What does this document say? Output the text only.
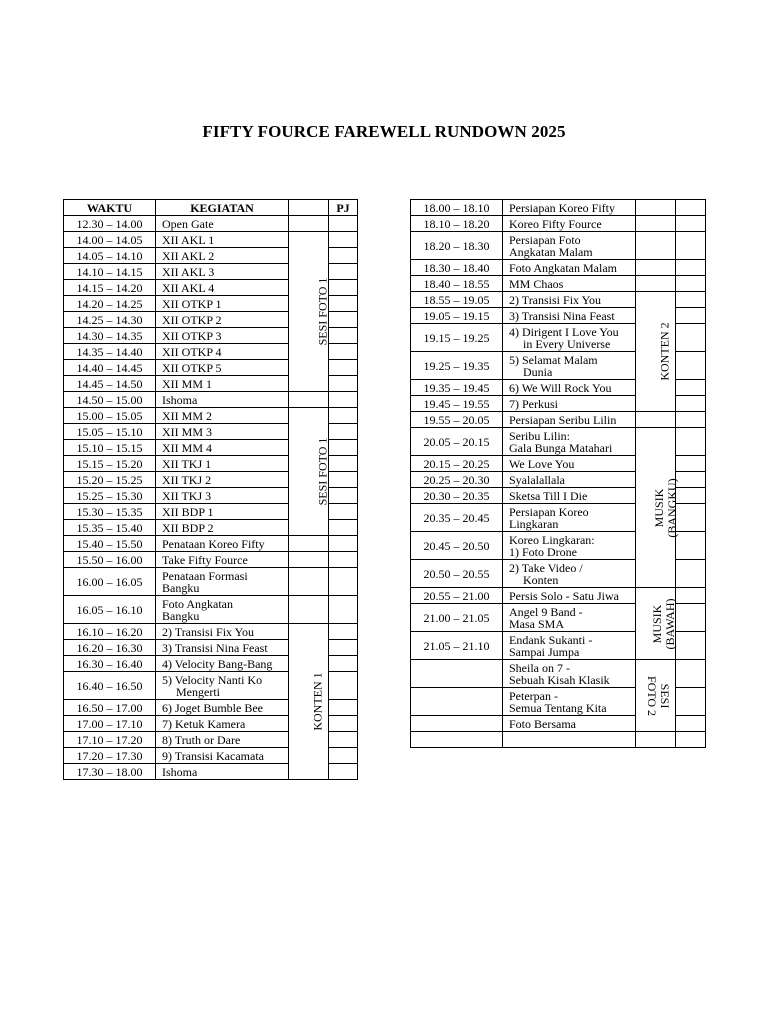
FIFTY FOURCE FAREWELL RUNDOWN 2025
WAKTU	KEGIATAN		PJ	
12.30 – 14.00	Open Gate			
14.00 – 14.05	XII AKL 1	SESI FOTO 1		
14.05 – 14.10	XII AKL 2			
14.10 – 14.15	XII AKL 3			
14.15 – 14.20	XII AKL 4			
14.20 – 14.25	XII OTKP 1			
14.25 – 14.30	XII OTKP 2			
14.30 – 14.35	XII OTKP 3			
14.35 – 14.40	XII OTKP 4			
14.40 – 14.45	XII OTKP 5			
14.45 – 14.50	XII MM 1			
14.50 – 15.00	Ishoma			
15.00 – 15.05	XII MM 2	SESI FOTO 1		
15.05 – 15.10	XII MM 3			
15.10 – 15.15	XII MM 4			
15.15 – 15.20	XII TKJ 1			
15.20 – 15.25	XII TKJ 2			
15.25 – 15.30	XII TKJ 3			
15.30 – 15.35	XII BDP 1			
15.35 – 15.40	XII BDP 2			
15.40 – 15.50	Penataan Koreo Fifty			
15.50 – 16.00	Take Fifty Fource			
16.00 – 16.05	Penataan Formasi
Bangku			
16.05 – 16.10	Foto Angkatan
Bangku			
16.10 – 16.20	2) Transisi Fix You	KONTEN 1		
16.20 – 16.30	3) Transisi Nina Feast			
16.30 – 16.40	4) Velocity Bang-Bang			
16.40 – 16.50	5) Velocity Nanti Ko
Mengerti			
16.50 – 17.00	6) Joget Bumble Bee			
17.00 – 17.10	7) Ketuk Kamera			
17.10 – 17.20	8) Truth or Dare			
17.20 – 17.30	9) Transisi Kacamata			
17.30 – 18.00	Ishoma			
18.00 – 18.10	Persiapan Koreo Fifty		
18.10 – 18.20	Koreo Fifty Fource		
18.20 – 18.30	Persiapan Foto
Angkatan Malam		
18.30 – 18.40	Foto Angkatan Malam		
18.40 – 18.55	MM Chaos		
18.55 – 19.05	2) Transisi Fix You	KONTEN 2	
19.05 – 19.15	3) Transisi Nina Feast		
19.15 – 19.25	4) Dirigent I Love You
in Every Universe		
19.25 – 19.35	5) Selamat Malam
Dunia		
19.35 – 19.45	6) We Will Rock You		
19.45 – 19.55	7) Perkusi		
19.55 – 20.05	Persiapan Seribu Lilin		
20.05 – 20.15	Seribu Lilin:
Gala Bunga Matahari	MUSIK (BANGKU)	
20.15 – 20.25	We Love You		
20.25 – 20.30	Syalalallala		
20.30 – 20.35	Sketsa Till I Die		
20.35 – 20.45	Persiapan Koreo
Lingkaran		
20.45 – 20.50	Koreo Lingkaran:
1) Foto Drone		
20.50 – 20.55	2) Take Video /
Konten		
20.55 – 21.00	Persis Solo - Satu Jiwa	MUSIK (BAWAH)	
21.00 – 21.05	Angel 9 Band -
Masa SMA		
21.05 – 21.10	Endank Sukanti -
Sampai Jumpa		
	Sheila on 7 -
Sebuah Kisah Klasik	SESI FOTO 2	
	Peterpan -
Semua Tentang Kita		
	Foto Bersama		
